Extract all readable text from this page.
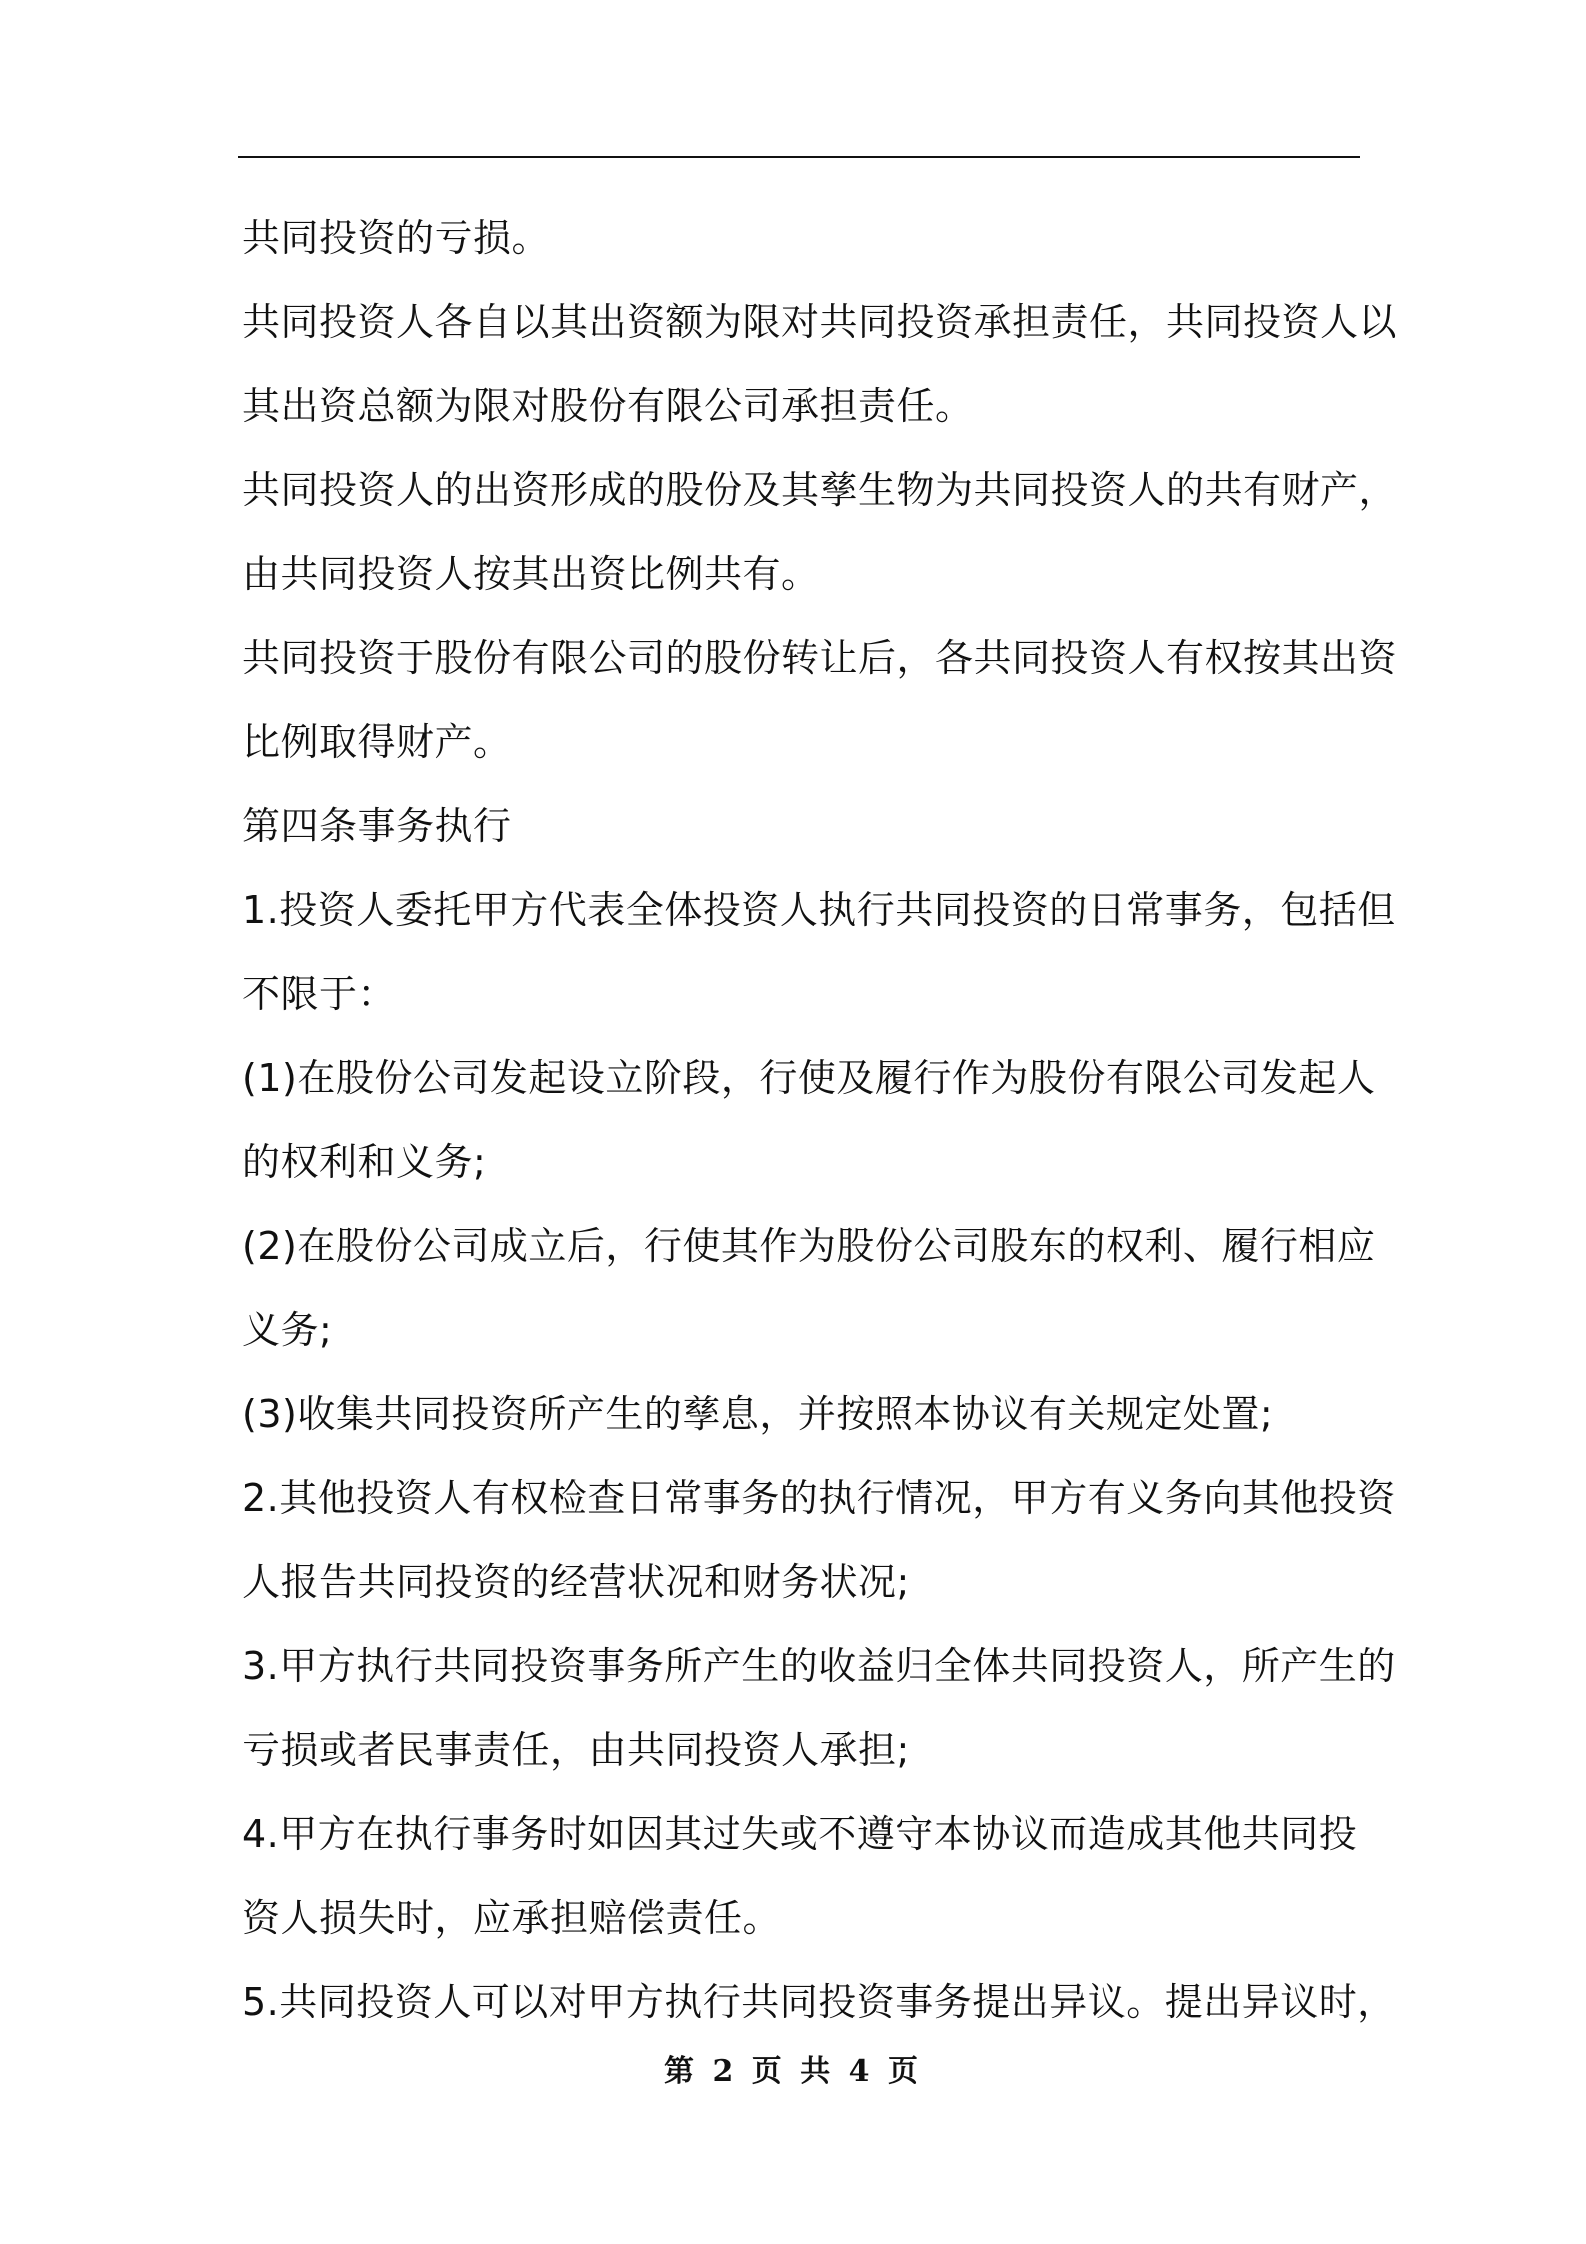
共同投资的亏损。
共同投资人各自以其出资额为限对共同投资承担责任，共同投资人以
其出资总额为限对股份有限公司承担责任。
共同投资人的出资形成的股份及其孳生物为共同投资人的共有财产，
由共同投资人按其出资比例共有。
共同投资于股份有限公司的股份转让后，各共同投资人有权按其出资
比例取得财产。
第四条事务执行
1.投资人委托甲方代表全体投资人执行共同投资的日常事务，包括但
不限于：
(1)在股份公司发起设立阶段，行使及履行作为股份有限公司发起人
的权利和义务;
(2)在股份公司成立后，行使其作为股份公司股东的权利、履行相应
义务;
(3)收集共同投资所产生的孳息，并按照本协议有关规定处置;
2.其他投资人有权检查日常事务的执行情况，甲方有义务向其他投资
人报告共同投资的经营状况和财务状况;
3.甲方执行共同投资事务所产生的收益归全体共同投资人，所产生的
亏损或者民事责任，由共同投资人承担;
4.甲方在执行事务时如因其过失或不遵守本协议而造成其他共同投
资人损失时，应承担赔偿责任。
5.共同投资人可以对甲方执行共同投资事务提出异议。提出异议时，
第 2 页 共 4 页
